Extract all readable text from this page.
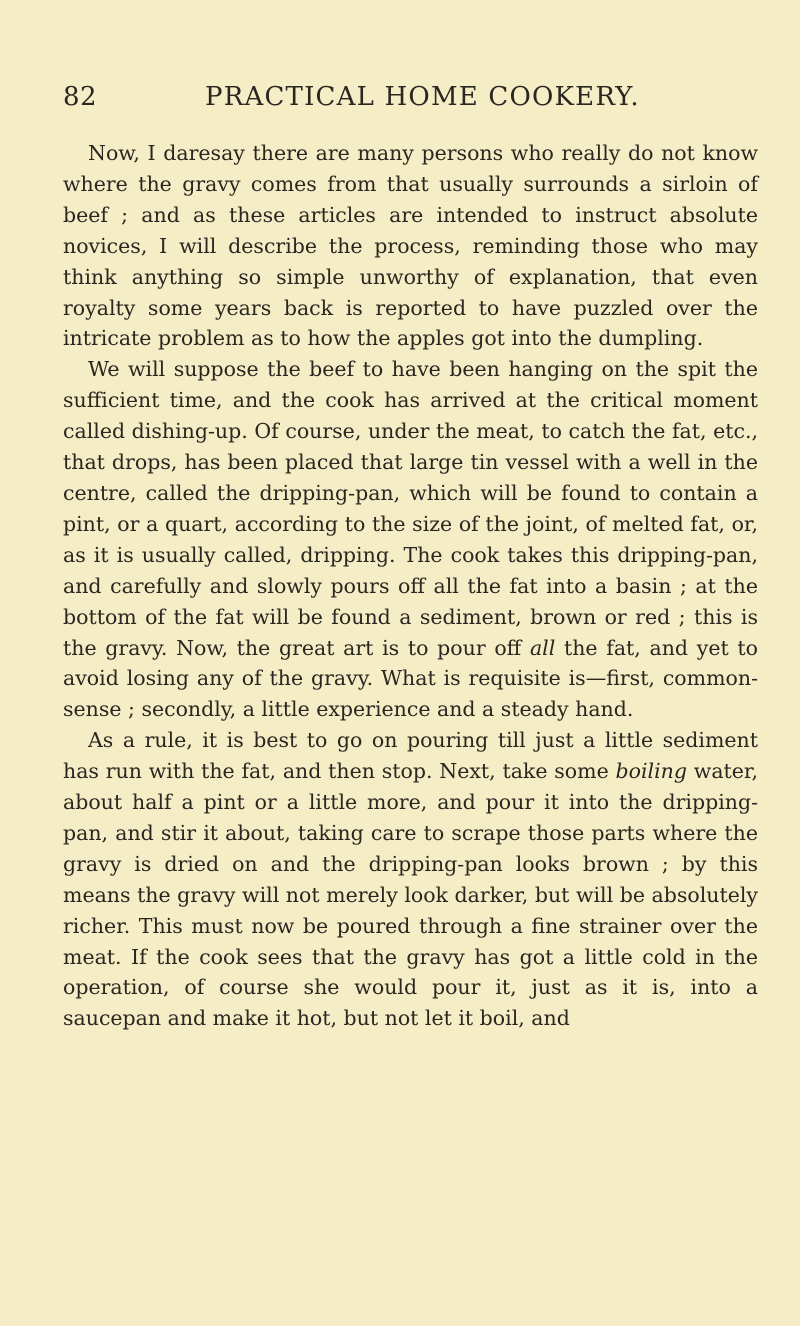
82	PRACTICAL HOME COOKERY.

Now, I daresay there are many persons who really do not know where the gravy comes from that usually surrounds a sirloin of beef ; and as these articles are intended to instruct absolute novices, I will describe the process, reminding those who may think anything so simple unworthy of explanation, that even royalty some years back is reported to have puzzled over the intricate problem as to how the apples got into the dumpling.

We will suppose the beef to have been hanging on the spit the sufficient time, and the cook has arrived at the critical moment called dishing-up. Of course, under the meat, to catch the fat, etc., that drops, has been placed that large tin vessel with a well in the centre, called the dripping-pan, which will be found to contain a pint, or a quart, according to the size of the joint, of melted fat, or, as it is usually called, dripping. The cook takes this dripping-pan, and carefully and slowly pours off all the fat into a basin ; at the bottom of the fat will be found a sediment, brown or red ; this is the gravy. Now, the great art is to pour off all the fat, and yet to avoid losing any of the gravy. What is requisite is—first, common-sense ; secondly, a little experience and a steady hand.

As a rule, it is best to go on pouring till just a little sediment has run with the fat, and then stop. Next, take some boiling water, about half a pint or a little more, and pour it into the dripping-pan, and stir it about, taking care to scrape those parts where the gravy is dried on and the dripping-pan looks brown ; by this means the gravy will not merely look darker, but will be absolutely richer. This must now be poured through a fine strainer over the meat. If the cook sees that the gravy has got a little cold in the operation, of course she would pour it, just as it is, into a saucepan and make it hot, but not let it boil, and
